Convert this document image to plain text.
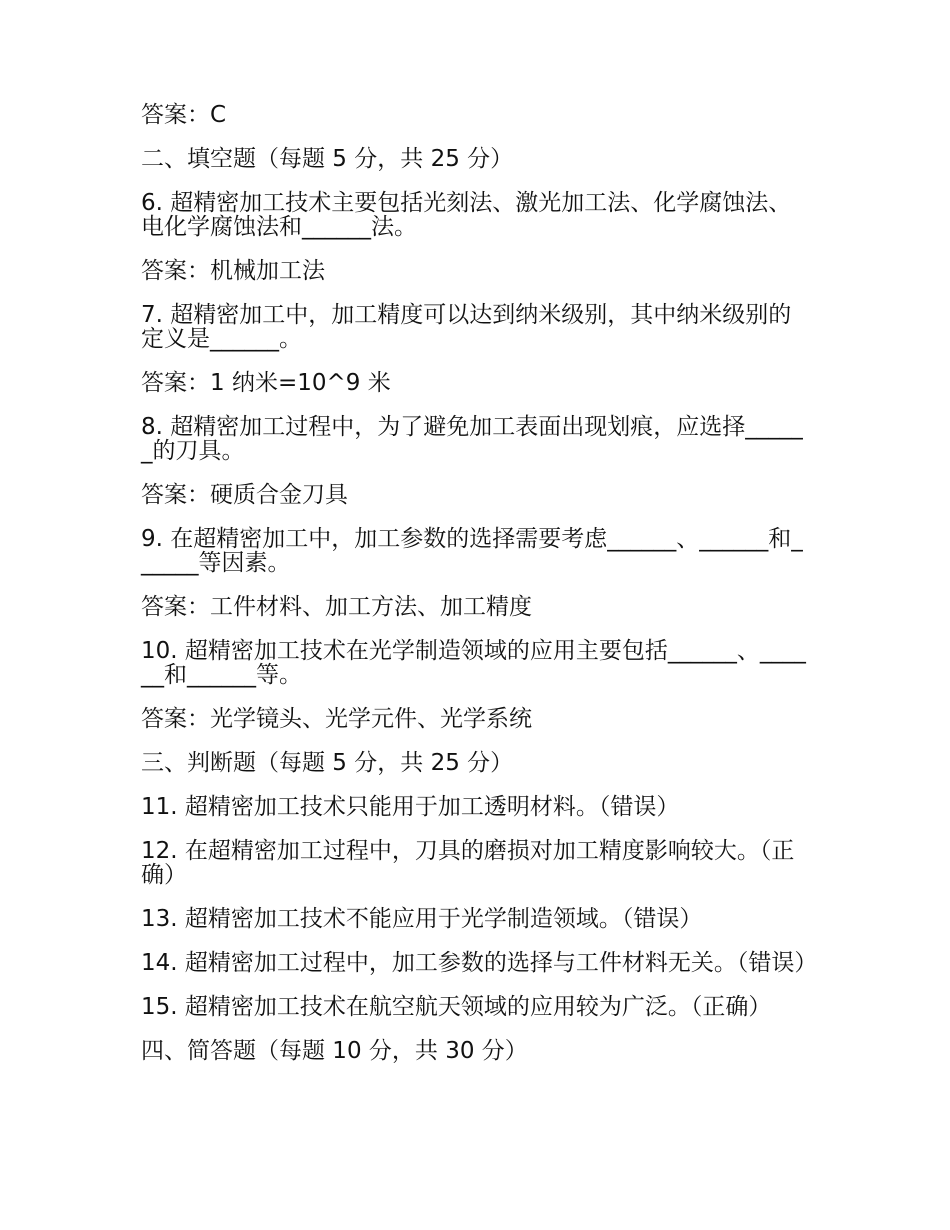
答案：C

二、填空题（每题 5 分，共 25 分）

6. 超精密加工技术主要包括光刻法、激光加工法、化学腐蚀法、电化学腐蚀法和______法。

答案：机械加工法

7. 超精密加工中，加工精度可以达到纳米级别，其中纳米级别的定义是______。

答案：1 纳米=10^9 米

8. 超精密加工过程中，为了避免加工表面出现划痕，应选择______的刀具。

答案：硬质合金刀具

9. 在超精密加工中，加工参数的选择需要考虑______、______和______等因素。

答案：工件材料、加工方法、加工精度

10. 超精密加工技术在光学制造领域的应用主要包括______、______和______等。

答案：光学镜头、光学元件、光学系统

三、判断题（每题 5 分，共 25 分）

11. 超精密加工技术只能用于加工透明材料。（错误）

12. 在超精密加工过程中，刀具的磨损对加工精度影响较大。（正确）

13. 超精密加工技术不能应用于光学制造领域。（错误）

14. 超精密加工过程中，加工参数的选择与工件材料无关。（错误）

15. 超精密加工技术在航空航天领域的应用较为广泛。（正确）

四、简答题（每题 10 分，共 30 分）
